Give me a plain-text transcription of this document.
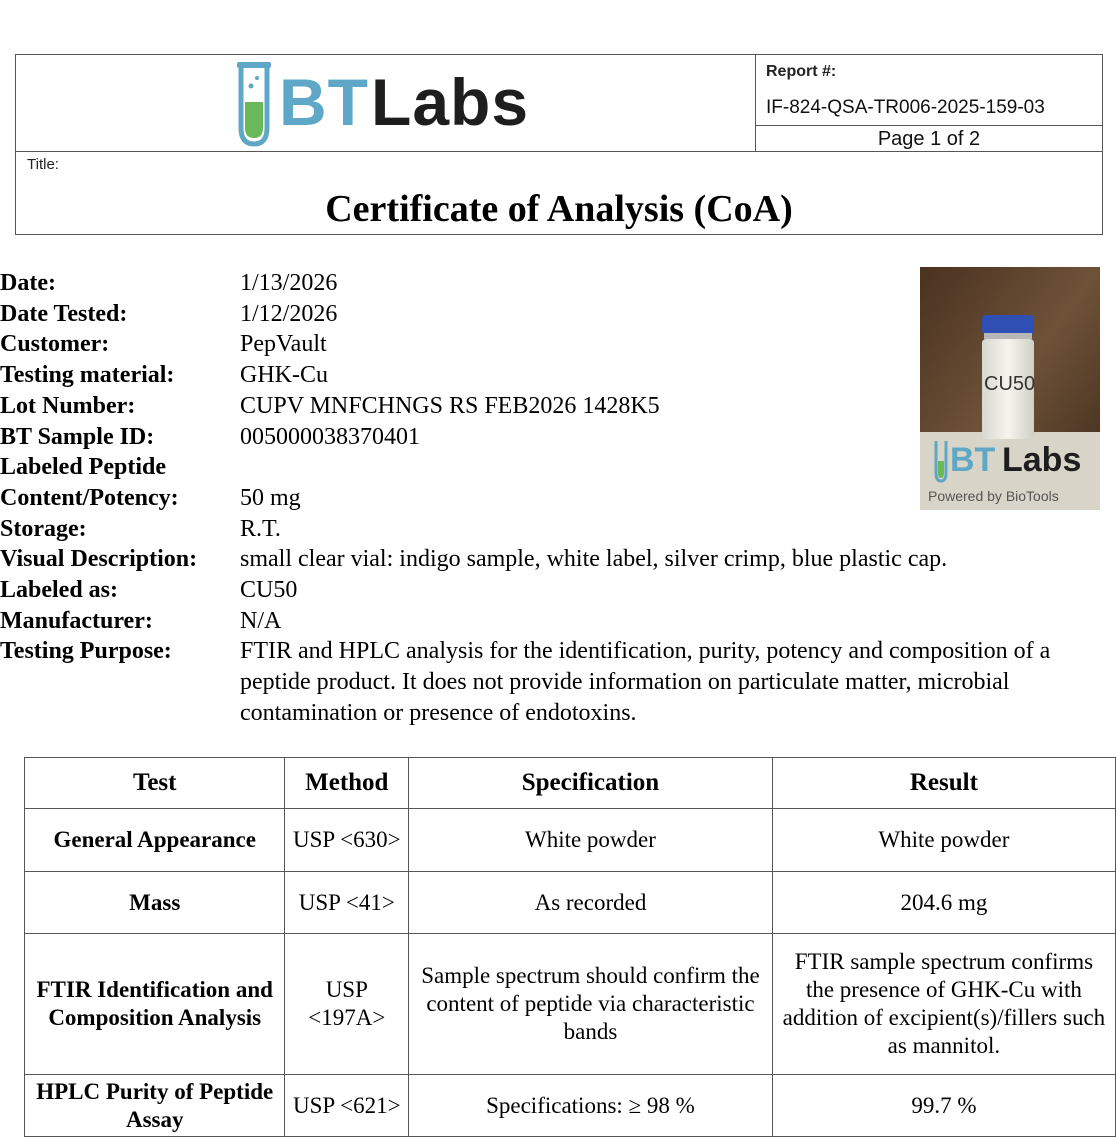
BT Labs	Report #:
IF-824-QSA-TR006-2025-159-03
Page 1 of 2
Title:
Certificate of Analysis (CoA)
Date:	1/13/2026
Date Tested:	1/12/2026
Customer:	PepVault
Testing material:	GHK-Cu
Lot Number:	CUPV MNFCHNGS RS FEB2026 1428K5
BT Sample ID:	005000038370401
Labeled Peptide
Content/Potency:	50 mg
Storage:	R.T.
Visual Description:	small clear vial: indigo sample, white label, silver crimp, blue plastic cap.
Labeled as:	CU50
Manufacturer:	N/A
Testing Purpose:	FTIR and HPLC analysis for the identification, purity, potency and composition of a peptide product. It does not provide information on particulate matter, microbial contamination or presence of endotoxins.
CU50
BT Labs
Powered by BioTools
Test	Method	Specification	Result
General Appearance	USP <630>	White powder	White powder
Mass	USP <41>	As recorded	204.6 mg
FTIR Identification and Composition Analysis	USP <197A>	Sample spectrum should confirm the content of peptide via characteristic bands	FTIR sample spectrum confirms the presence of GHK-Cu with addition of excipient(s)/fillers such as mannitol.
HPLC Purity of Peptide Assay	USP <621>	Specifications: ≥ 98 %	99.7 %
